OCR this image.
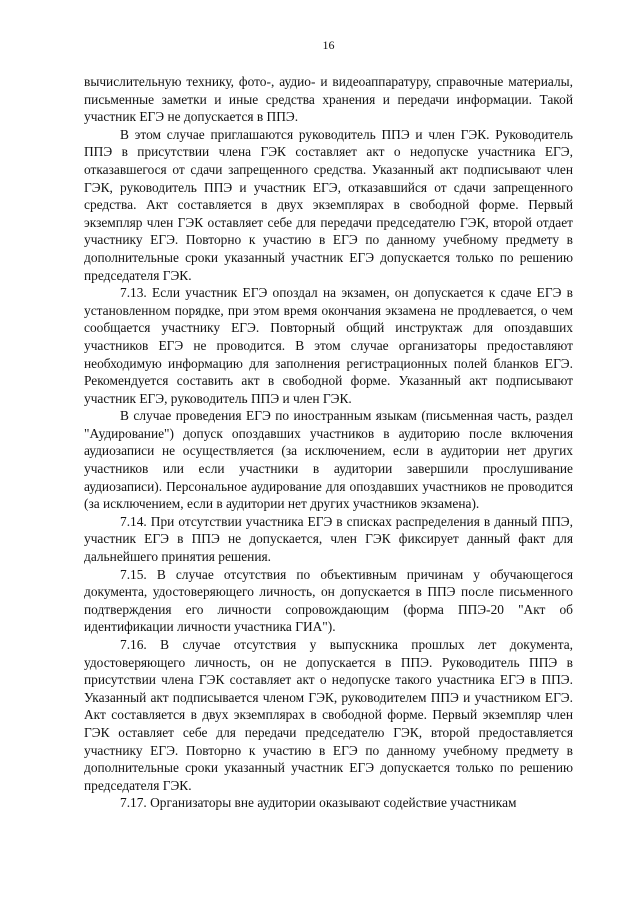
16

вычислительную технику, фото-, аудио- и видеоаппаратуру, справочные материалы, письменные заметки и иные средства хранения и передачи информации. Такой участник ЕГЭ не допускается в ППЭ.

В этом случае приглашаются руководитель ППЭ и член ГЭК. Руководитель ППЭ в присутствии члена ГЭК составляет акт о недопуске участника ЕГЭ, отказавшегося от сдачи запрещенного средства. Указанный акт подписывают член ГЭК, руководитель ППЭ и участник ЕГЭ, отказавшийся от сдачи запрещенного средства. Акт составляется в двух экземплярах в свободной форме. Первый экземпляр член ГЭК оставляет себе для передачи председателю ГЭК, второй отдает участнику ЕГЭ. Повторно к участию в ЕГЭ по данному учебному предмету в дополнительные сроки указанный участник ЕГЭ допускается только по решению председателя ГЭК.

7.13. Если участник ЕГЭ опоздал на экзамен, он допускается к сдаче ЕГЭ в установленном порядке, при этом время окончания экзамена не продлевается, о чем сообщается участнику ЕГЭ. Повторный общий инструктаж для опоздавших участников ЕГЭ не проводится. В этом случае организаторы предоставляют необходимую информацию для заполнения регистрационных полей бланков ЕГЭ. Рекомендуется составить акт в свободной форме. Указанный акт подписывают участник ЕГЭ, руководитель ППЭ и член ГЭК.

В случае проведения ЕГЭ по иностранным языкам (письменная часть, раздел "Аудирование") допуск опоздавших участников в аудиторию после включения аудиозаписи не осуществляется (за исключением, если в аудитории нет других участников или если участники в аудитории завершили прослушивание аудиозаписи). Персональное аудирование для опоздавших участников не проводится (за исключением, если в аудитории нет других участников экзамена).

7.14. При отсутствии участника ЕГЭ в списках распределения в данный ППЭ, участник ЕГЭ в ППЭ не допускается, член ГЭК фиксирует данный факт для дальнейшего принятия решения.

7.15. В случае отсутствия по объективным причинам у обучающегося документа, удостоверяющего личность, он допускается в ППЭ после письменного подтверждения его личности сопровождающим (форма ППЭ-20 "Акт об идентификации личности участника ГИА").

7.16. В случае отсутствия у выпускника прошлых лет документа, удостоверяющего личность, он не допускается в ППЭ. Руководитель ППЭ в присутствии члена ГЭК составляет акт о недопуске такого участника ЕГЭ в ППЭ. Указанный акт подписывается членом ГЭК, руководителем ППЭ и участником ЕГЭ. Акт составляется в двух экземплярах в свободной форме. Первый экземпляр член ГЭК оставляет себе для передачи председателю ГЭК, второй предоставляется участнику ЕГЭ. Повторно к участию в ЕГЭ по данному учебному предмету в дополнительные сроки указанный участник ЕГЭ допускается только по решению председателя ГЭК.

7.17. Организаторы вне аудитории оказывают содействие участникам
